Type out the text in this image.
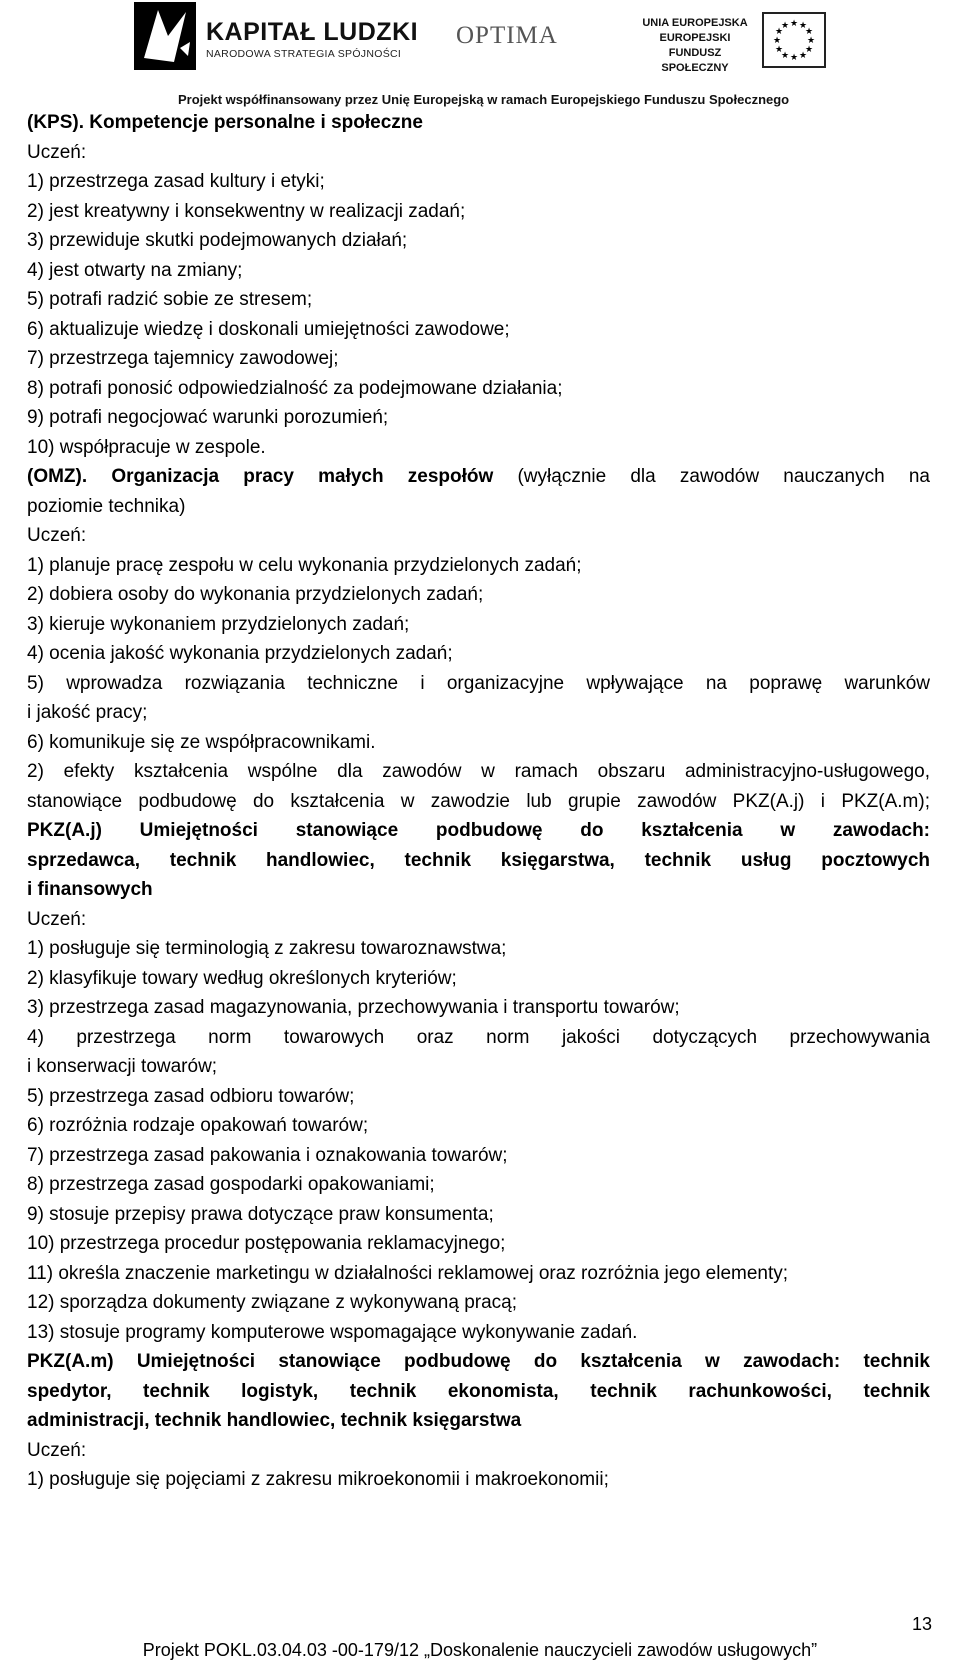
KAPITAŁ LUDZKI
NARODOWA STRATEGIA SPÓJNOŚCI
OPTIMA	UNIA EUROPEJSKA
EUROPEJSKI
FUNDUSZ SPOŁECZNY
★ ★
★
★
★
★
★
★
★
★
★
★
Projekt współfinansowany przez Unię Europejską w ramach Europejskiego Funduszu Społecznego
(KPS). Kompetencje personalne i społeczne
Uczeń:
1) przestrzega zasad kultury i etyki;
2) jest kreatywny i konsekwentny w realizacji zadań;
3) przewiduje skutki podejmowanych działań;
4) jest otwarty na zmiany;
5) potrafi radzić sobie ze stresem;
6) aktualizuje wiedzę i doskonali umiejętności zawodowe;
7) przestrzega tajemnicy zawodowej;
8) potrafi ponosić odpowiedzialność za podejmowane działania;
9) potrafi negocjować warunki porozumień;
10) współpracuje w zespole.
(OMZ). Organizacja pracy małych zespołów (wyłącznie dla zawodów nauczanych na
poziomie technika)
Uczeń:
1) planuje pracę zespołu w celu wykonania przydzielonych zadań;
2) dobiera osoby do wykonania przydzielonych zadań;
3) kieruje wykonaniem przydzielonych zadań;
4) ocenia jakość wykonania przydzielonych zadań;
5) wprowadza rozwiązania techniczne i organizacyjne wpływające na poprawę warunków
i jakość pracy;
6) komunikuje się ze współpracownikami.
2) efekty kształcenia wspólne dla zawodów w ramach obszaru administracyjno-usługowego,
stanowiące podbudowę do kształcenia w zawodzie lub grupie zawodów PKZ(A.j) i PKZ(A.m);
PKZ(A.j) Umiejętności stanowiące podbudowę do kształcenia w zawodach:
sprzedawca, technik handlowiec, technik księgarstwa, technik usług pocztowych
i finansowych
Uczeń:
1) posługuje się terminologią z zakresu towaroznawstwa;
2) klasyfikuje towary według określonych kryteriów;
3) przestrzega zasad magazynowania, przechowywania i transportu towarów;
4) przestrzega norm towarowych oraz norm jakości dotyczących przechowywania
i konserwacji towarów;
5) przestrzega zasad odbioru towarów;
6) rozróżnia rodzaje opakowań towarów;
7) przestrzega zasad pakowania i oznakowania towarów;
8) przestrzega zasad gospodarki opakowaniami;
9) stosuje przepisy prawa dotyczące praw konsumenta;
10) przestrzega procedur postępowania reklamacyjnego;
11) określa znaczenie marketingu w działalności reklamowej oraz rozróżnia jego elementy;
12) sporządza dokumenty związane z wykonywaną pracą;
13) stosuje programy komputerowe wspomagające wykonywanie zadań.
PKZ(A.m) Umiejętności stanowiące podbudowę do kształcenia w zawodach: technik
spedytor, technik logistyk, technik ekonomista, technik rachunkowości, technik
administracji, technik handlowiec, technik księgarstwa
Uczeń:
1) posługuje się pojęciami z zakresu mikroekonomii i makroekonomii;
13
Projekt POKL.03.04.03 -00-179/12 „Doskonalenie nauczycieli zawodów usługowych”
